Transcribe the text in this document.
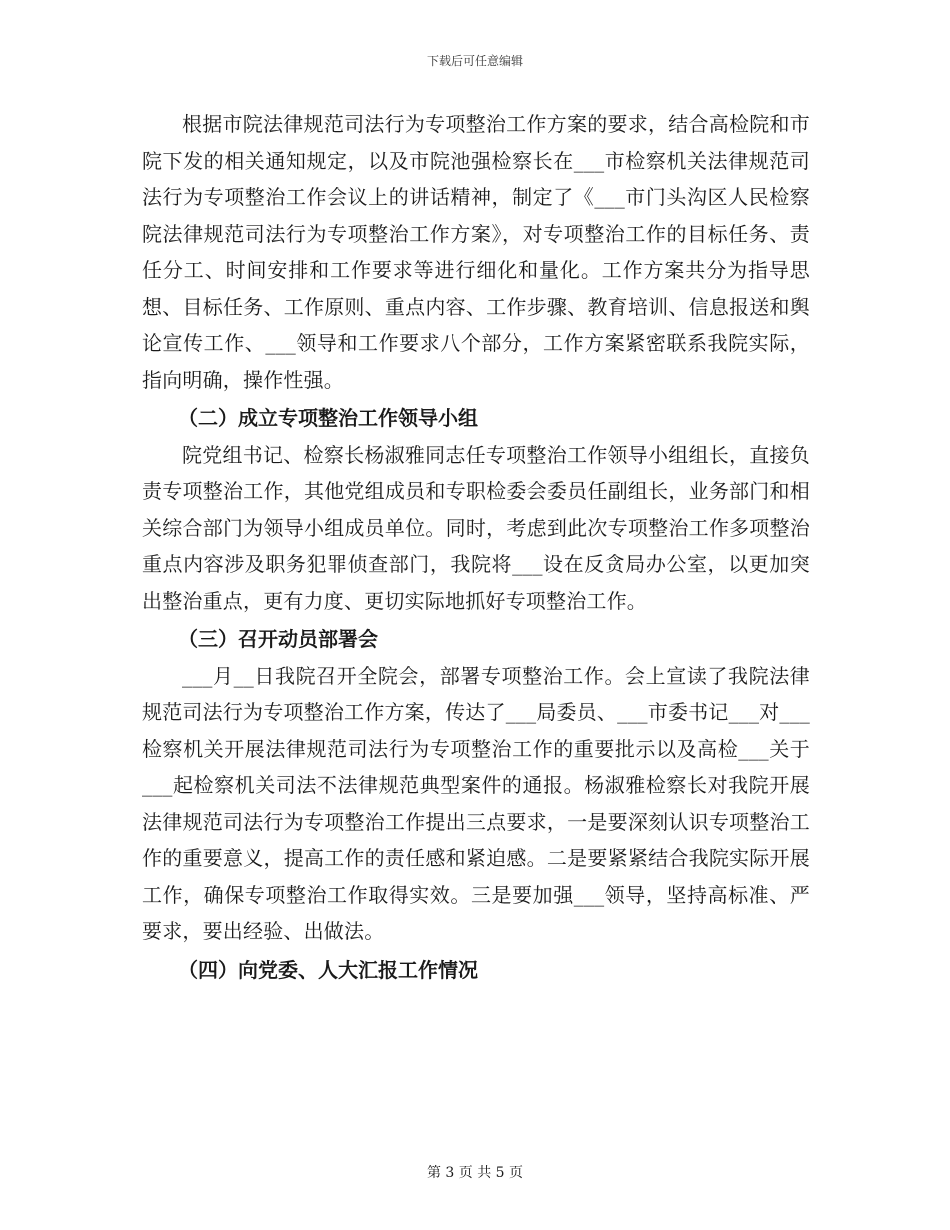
下载后可任意编辑

根据市院法律规范司法行为专项整治工作方案的要求，结合高检院和市院下发的相关通知规定，以及市院池强检察长在___市检察机关法律规范司法行为专项整治工作会议上的讲话精神，制定了《___市门头沟区人民检察院法律规范司法行为专项整治工作方案》，对专项整治工作的目标任务、责任分工、时间安排和工作要求等进行细化和量化。工作方案共分为指导思想、目标任务、工作原则、重点内容、工作步骤、教育培训、信息报送和舆论宣传工作、___领导和工作要求八个部分，工作方案紧密联系我院实际，指向明确，操作性强。

（二）成立专项整治工作领导小组

院党组书记、检察长杨淑雅同志任专项整治工作领导小组组长，直接负责专项整治工作，其他党组成员和专职检委会委员任副组长，业务部门和相关综合部门为领导小组成员单位。同时，考虑到此次专项整治工作多项整治重点内容涉及职务犯罪侦查部门，我院将___设在反贪局办公室，以更加突出整治重点，更有力度、更切实际地抓好专项整治工作。

（三）召开动员部署会

___月__日我院召开全院会，部署专项整治工作。会上宣读了我院法律规范司法行为专项整治工作方案，传达了___局委员、___市委书记___对___检察机关开展法律规范司法行为专项整治工作的重要批示以及高检___关于___起检察机关司法不法律规范典型案件的通报。杨淑雅检察长对我院开展法律规范司法行为专项整治工作提出三点要求，一是要深刻认识专项整治工作的重要意义，提高工作的责任感和紧迫感。二是要紧紧结合我院实际开展工作，确保专项整治工作取得实效。三是要加强___领导，坚持高标准、严要求，要出经验、出做法。

（四）向党委、人大汇报工作情况

第 3 页 共 5 页
